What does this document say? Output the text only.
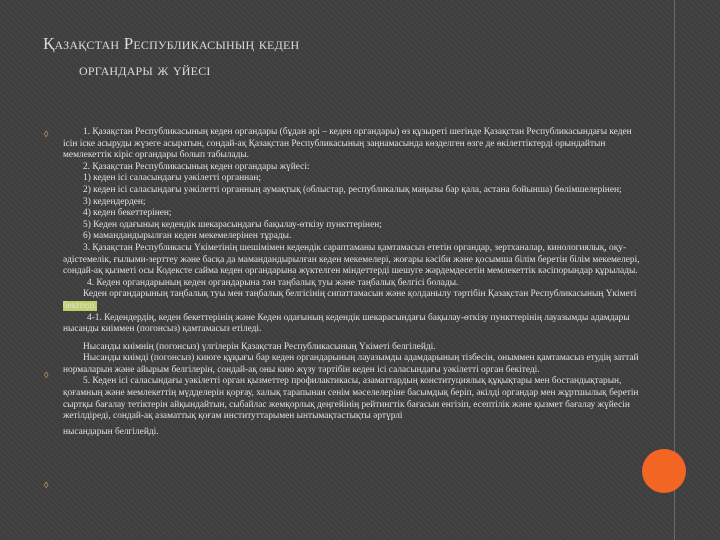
Қазақстан Республикасының кеден
органдары ж үйесі
◊
◊
◊

1. Қазақстан Республикасының кеден органдары (бұдан әрі – кеден органдары) өз құзыреті шегінде Қазақстан Республикасындағы кеден ісін іске асыруды жүзеге асыратын, сондай-ақ Қазақстан Республикасының заңнамасында көзделген өзге де өкілеттіктерді орындайтын мемлекеттік кіріс органдары болып табылады.

2. Қазақстан Республикасының кеден органдары жүйесі:

1) кеден ісі саласындағы уәкілетті органнан;

2) кеден ісі саласындағы уәкілетті органның аумақтық (облыстар, республикалық маңызы бар қала, астана бойынша) бөлімшелерінен;

3) кедендерден;

4) кеден бекеттерінен;

5) Кеден одағының кедендік шекарасындағы бақылау-өткізу пункттерінен;

6) мамандандырылған кеден мекемелерінен тұрады.

3. Қазақстан Республикасы Үкіметінің шешімімен кедендік сараптаманы қамтамасыз ететін органдар, зертханалар, кинологиялық, оқу-әдістемелік, ғылыми-зерттеу және басқа да мамандандырылған кеден мекемелері, жоғары кәсіби және қосымша білім беретін білім мекемелері, сондай-ақ қызметі осы Кодексте сайма кеден органдарына жүктелген міндеттерді шешуге жәрдемдесетін мемлекеттік кәсіпорындар құрылады.

4. Кеден органдарының кеден органдарына тән таңбалық туы және таңбалық белгісі болады.

Кеден органдарының таңбалық туы мен таңбалық белгісінің сипаттамасын және қолданылу тәртібін Қазақстан Республикасының Үкіметі бекітеді.

4-1. Кедендердің, кеден бекеттерінің және Кеден одағының кедендік шекарасындағы бақылау-өткізу пункттерінің лауазымды адамдары нысанды киіммен (погонсыз) қамтамасыз етіледі.

Нысанды киімнің (погонсыз) үлгілерін Қазақстан Республикасының Үкіметі белгілейді.

Нысанды киімді (погонсыз) киюге құқығы бар кеден органдарының лауазымды адамдарының тізбесін, оныммен қамтамасыз етудің заттай нормаларын және айырым белгілерін, сондай-ақ оны кию жүзу тәртібін кеден ісі саласындағы уәкілетті орган бекітеді.

5. Кеден ісі саласындағы уәкілетті орган қызметтер профилактикасы, азаматтардың конституциялық құқықтары мен бостандықтарын, қоғамның және мемлекеттің мүдделерін қорғау, халық тарапынан сенім мәселелеріне басымдық беріп, әкілді органдар мен жұртшылық беретін сыртқы бағалау тетіктерін айқындайтын, сыбайлас жемқорлық деңгейінің рейтингтік бағасын енгізіп, есептілік және қызмет бағалау жүйесін жетілдіреді, сондай-ақ азаматтық қоғам институттарымен ынтымақтастықты әртүрлі

нысандарын белгілейді.
